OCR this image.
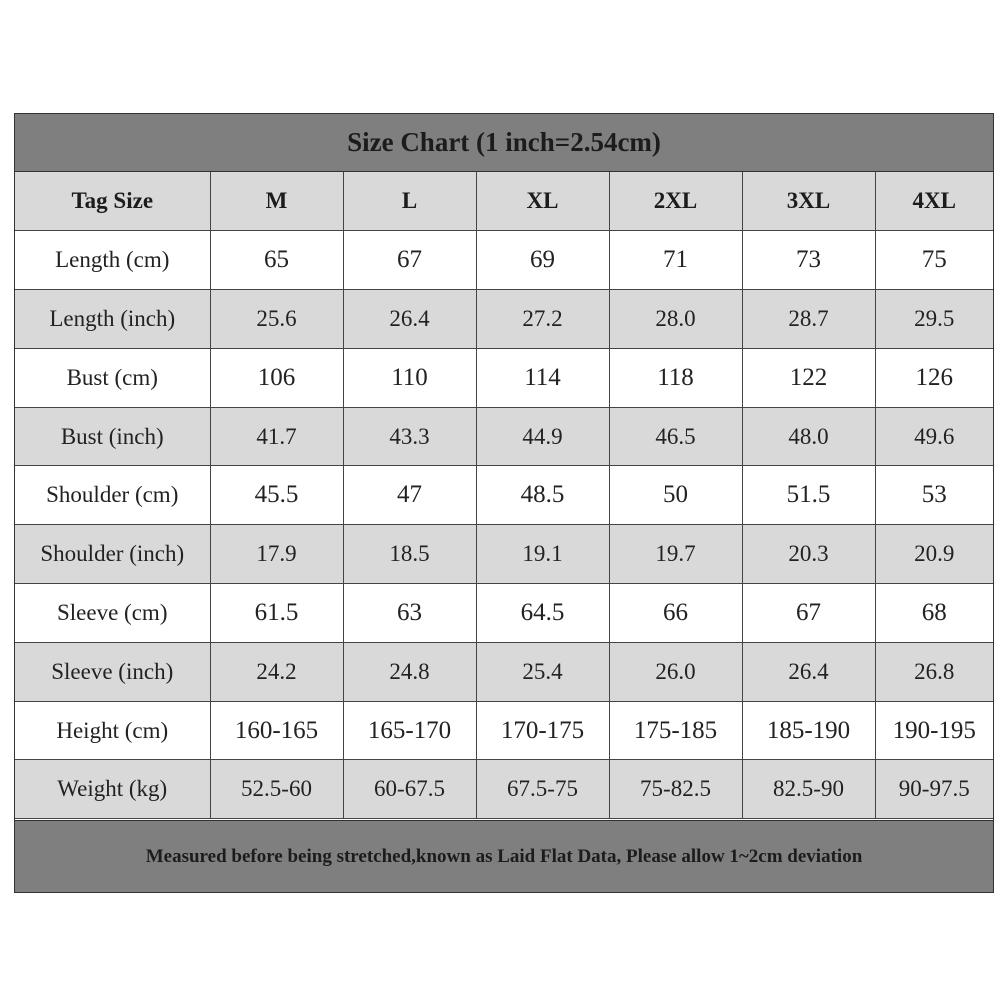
Size Chart (1 inch=2.54cm)
Tag Size	M	L	XL	2XL	3XL	4XL
Length (cm)	65	67	69	71	73	75
Length (inch)	25.6	26.4	27.2	28.0	28.7	29.5
Bust (cm)	106	110	114	118	122	126
Bust (inch)	41.7	43.3	44.9	46.5	48.0	49.6
Shoulder (cm)	45.5	47	48.5	50	51.5	53
Shoulder (inch)	17.9	18.5	19.1	19.7	20.3	20.9
Sleeve (cm)	61.5	63	64.5	66	67	68
Sleeve (inch)	24.2	24.8	25.4	26.0	26.4	26.8
Height (cm)	160-165	165-170	170-175	175-185	185-190	190-195
Weight (kg)	52.5-60	60-67.5	67.5-75	75-82.5	82.5-90	90-97.5
Measured before being stretched,known as Laid Flat Data, Please allow 1~2cm deviation
